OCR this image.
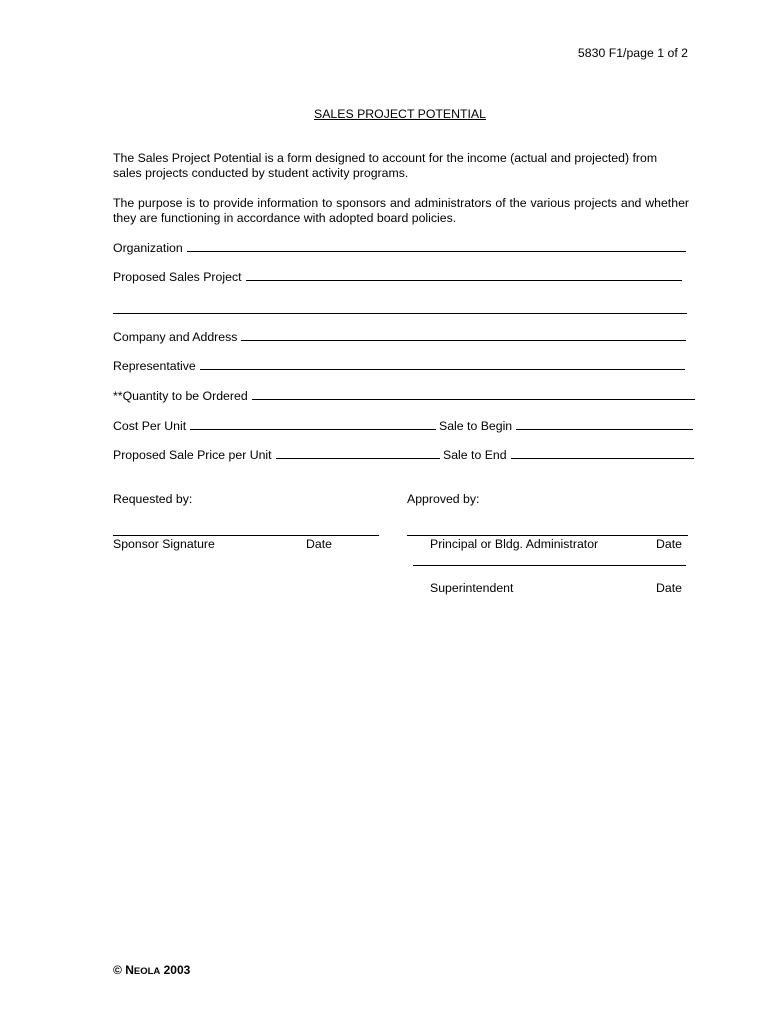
5830 F1/page 1 of 2
SALES PROJECT POTENTIAL
The Sales Project Potential is a form designed to account for the income (actual and projected) from sales projects conducted by student activity programs.
The purpose is to provide information to sponsors and administrators of the various projects and whether they are functioning in accordance with adopted board policies.
Organization
Proposed Sales Project
Company and Address
Representative
**Quantity to be Ordered
Cost Per Unit	Sale to Begin
Proposed Sale Price per Unit	Sale to End
Requested by:	Approved by:
Sponsor Signature	Date	Principal or Bldg. Administrator	Date
Superintendent	Date
© NEOLA 2003
